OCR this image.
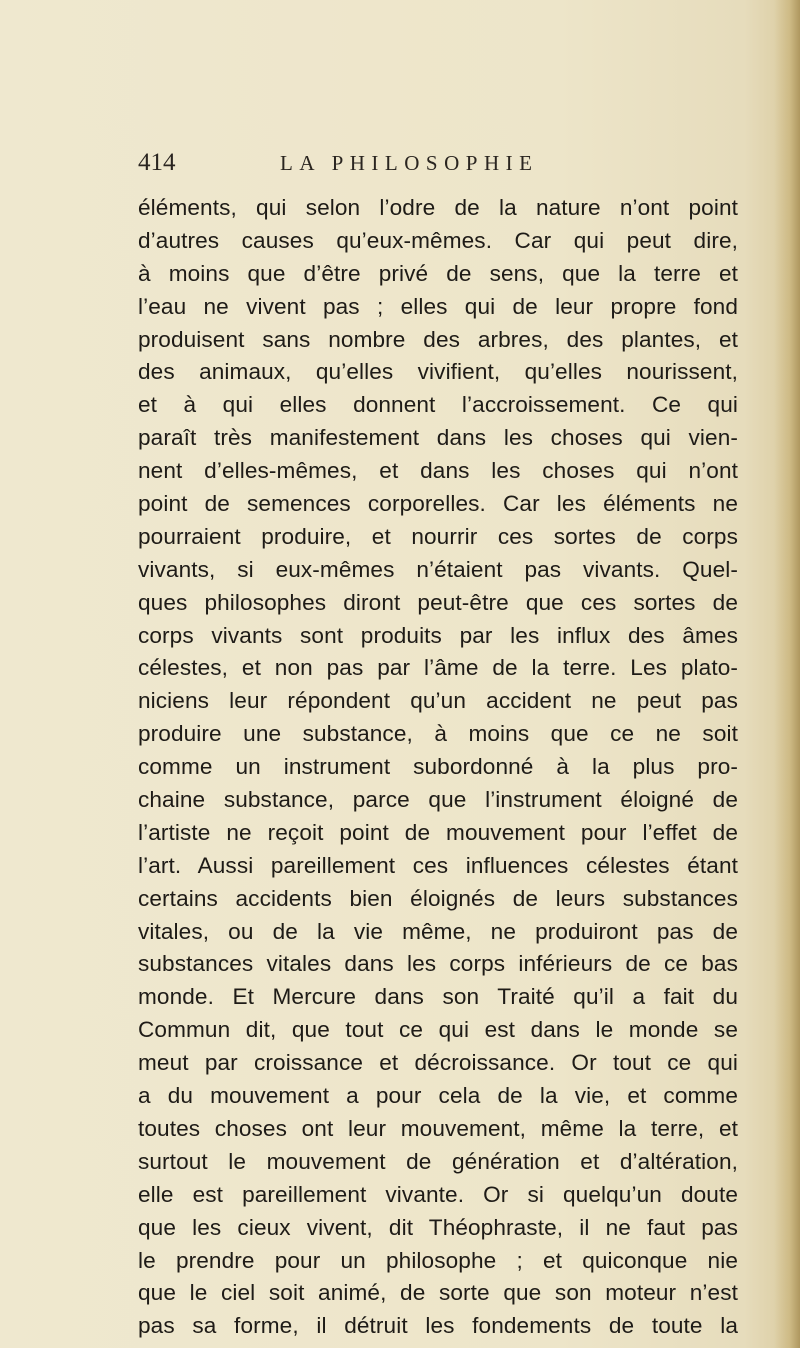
414	LA PHILOSOPHIE
éléments, qui selon l’odre de la nature n’ont point
d’autres causes qu’eux-mêmes. Car qui peut dire,
à moins que d’être privé de sens, que la terre et
l’eau ne vivent pas ; elles qui de leur propre fond
produisent sans nombre des arbres, des plantes, et
des animaux, qu’elles vivifient, qu’elles nourissent,
et à qui elles donnent l’accroissement. Ce qui
paraît très manifestement dans les choses qui vien-
nent d’elles-mêmes, et dans les choses qui n’ont
point de semences corporelles. Car les éléments ne
pourraient produire, et nourrir ces sortes de corps
vivants, si eux-mêmes n’étaient pas vivants. Quel-
ques philosophes diront peut-être que ces sortes de
corps vivants sont produits par les influx des âmes
célestes, et non pas par l’âme de la terre. Les plato-
niciens leur répondent qu’un accident ne peut pas
produire une substance, à moins que ce ne soit
comme un instrument subordonné à la plus pro-
chaine substance, parce que l’instrument éloigné de
l’artiste ne reçoit point de mouvement pour l’effet de
l’art. Aussi pareillement ces influences célestes étant
certains accidents bien éloignés de leurs substances
vitales, ou de la vie même, ne produiront pas de
substances vitales dans les corps inférieurs de ce bas
monde. Et Mercure dans son Traité qu’il a fait du
Commun dit, que tout ce qui est dans le monde se
meut par croissance et décroissance. Or tout ce qui
a du mouvement a pour cela de la vie, et comme
toutes choses ont leur mouvement, même la terre, et
surtout le mouvement de génération et d’altération,
elle est pareillement vivante. Or si quelqu’un doute
que les cieux vivent, dit Théophraste, il ne faut pas
le prendre pour un philosophe ; et quiconque nie
que le ciel soit animé, de sorte que son moteur n’est
pas sa forme, il détruit les fondements de toute la
